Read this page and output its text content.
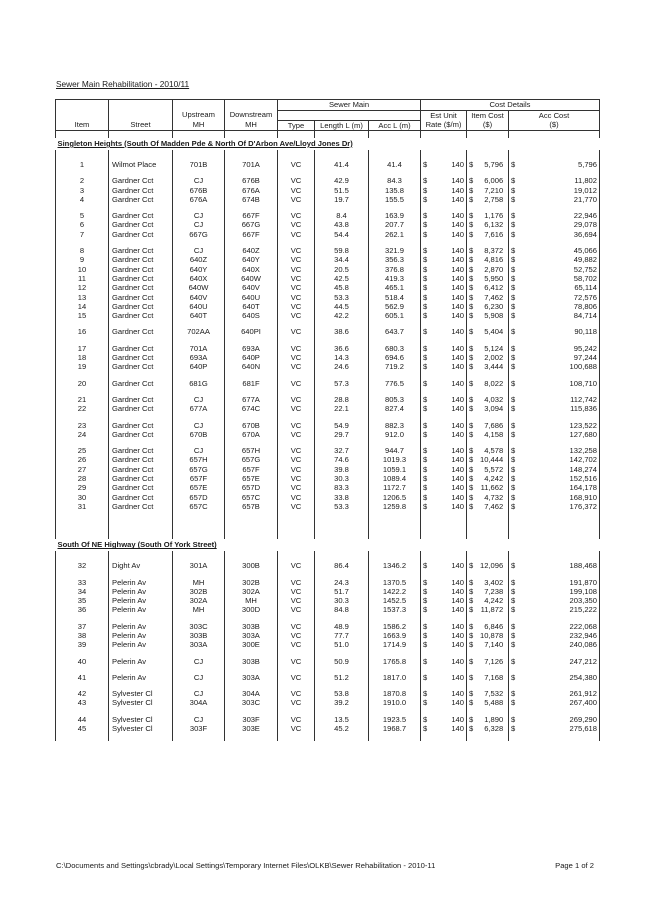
Sewer Main Rehabilitation - 2010/11
				Sewer Main			Cost Details		
		Upstream	Downstream				Est Unit	Item Cost	Acc Cost
Item	Street	MH	MH	Type	Length L (m)	Acc L (m)	Rate ($/m)	($)	($)

Singleton Heights (South Of Madden Pde & North Of D'Arbon Ave/Lloyd Jones Dr)									

1	Wilmot Place	701B	701A	VC	41.4	41.4	$ 140	$ 5,796	$ 5,796

2	Gardner Cct	CJ	676B	VC	42.9	84.3	$ 140	$ 6,006	$ 11,802

3	Gardner Cct	676B	676A	VC	51.5	135.8	$ 140	$ 7,210	$ 19,012

4	Gardner Cct	676A	674B	VC	19.7	155.5	$ 140	$ 2,758	$ 21,770

5	Gardner Cct	CJ	667F	VC	8.4	163.9	$ 140	$ 1,176	$ 22,946

6	Gardner Cct	CJ	667G	VC	43.8	207.7	$ 140	$ 6,132	$ 29,078

7	Gardner Cct	667G	667F	VC	54.4	262.1	$ 140	$ 7,616	$ 36,694

8	Gardner Cct	CJ	640Z	VC	59.8	321.9	$ 140	$ 8,372	$ 45,066

9	Gardner Cct	640Z	640Y	VC	34.4	356.3	$ 140	$ 4,816	$ 49,882

10	Gardner Cct	640Y	640X	VC	20.5	376.8	$ 140	$ 2,870	$ 52,752

11	Gardner Cct	640X	640W	VC	42.5	419.3	$ 140	$ 5,950	$ 58,702

12	Gardner Cct	640W	640V	VC	45.8	465.1	$ 140	$ 6,412	$ 65,114

13	Gardner Cct	640V	640U	VC	53.3	518.4	$ 140	$ 7,462	$ 72,576

14	Gardner Cct	640U	640T	VC	44.5	562.9	$ 140	$ 6,230	$ 78,806

15	Gardner Cct	640T	640S	VC	42.2	605.1	$ 140	$ 5,908	$ 84,714

16	Gardner Cct	702AA	640PI	VC	38.6	643.7	$ 140	$ 5,404	$ 90,118

17	Gardner Cct	701A	693A	VC	36.6	680.3	$ 140	$ 5,124	$ 95,242

18	Gardner Cct	693A	640P	VC	14.3	694.6	$ 140	$ 2,002	$ 97,244

19	Gardner Cct	640P	640N	VC	24.6	719.2	$ 140	$ 3,444	$ 100,688

20	Gardner Cct	681G	681F	VC	57.3	776.5	$ 140	$ 8,022	$ 108,710

21	Gardner Cct	CJ	677A	VC	28.8	805.3	$ 140	$ 4,032	$ 112,742

22	Gardner Cct	677A	674C	VC	22.1	827.4	$ 140	$ 3,094	$ 115,836

23	Gardner Cct	CJ	670B	VC	54.9	882.3	$ 140	$ 7,686	$ 123,522

24	Gardner Cct	670B	670A	VC	29.7	912.0	$ 140	$ 4,158	$ 127,680

25	Gardner Cct	CJ	657H	VC	32.7	944.7	$ 140	$ 4,578	$ 132,258

26	Gardner Cct	657H	657G	VC	74.6	1019.3	$ 140	$ 10,444	$ 142,702

27	Gardner Cct	657G	657F	VC	39.8	1059.1	$ 140	$ 5,572	$ 148,274

28	Gardner Cct	657F	657E	VC	30.3	1089.4	$ 140	$ 4,242	$ 152,516

29	Gardner Cct	657E	657D	VC	83.3	1172.7	$ 140	$ 11,662	$ 164,178

30	Gardner Cct	657D	657C	VC	33.8	1206.5	$ 140	$ 4,732	$ 168,910

31	Gardner Cct	657C	657B	VC	53.3	1259.8	$ 140	$ 7,462	$ 176,372

South Of NE Highway (South Of York Street)									

32	Dight Av	301A	300B	VC	86.4	1346.2	$ 140	$ 12,096	$ 188,468

33	Pelerin Av	MH	302B	VC	24.3	1370.5	$ 140	$ 3,402	$ 191,870

34	Pelerin Av	302B	302A	VC	51.7	1422.2	$ 140	$ 7,238	$ 199,108

35	Pelerin Av	302A	MH	VC	30.3	1452.5	$ 140	$ 4,242	$ 203,350

36	Pelerin Av	MH	300D	VC	84.8	1537.3	$ 140	$ 11,872	$ 215,222

37	Pelerin Av	303C	303B	VC	48.9	1586.2	$ 140	$ 6,846	$ 222,068

38	Pelerin Av	303B	303A	VC	77.7	1663.9	$ 140	$ 10,878	$ 232,946

39	Pelerin Av	303A	300E	VC	51.0	1714.9	$ 140	$ 7,140	$ 240,086

40	Pelerin Av	CJ	303B	VC	50.9	1765.8	$ 140	$ 7,126	$ 247,212

41	Pelerin Av	CJ	303A	VC	51.2	1817.0	$ 140	$ 7,168	$ 254,380

42	Sylvester Cl	CJ	304A	VC	53.8	1870.8	$ 140	$ 7,532	$ 261,912

43	Sylvester Cl	304A	303C	VC	39.2	1910.0	$ 140	$ 5,488	$ 267,400

44	Sylvester Cl	CJ	303F	VC	13.5	1923.5	$ 140	$ 1,890	$ 269,290

45	Sylvester Cl	303F	303E	VC	45.2	1968.7	$ 140	$ 6,328	$ 275,618

C:\Documents and Settings\cbrady\Local Settings\Temporary Internet Files\OLKB\Sewer Rehabilitation - 2010-11	Page 1 of 2
